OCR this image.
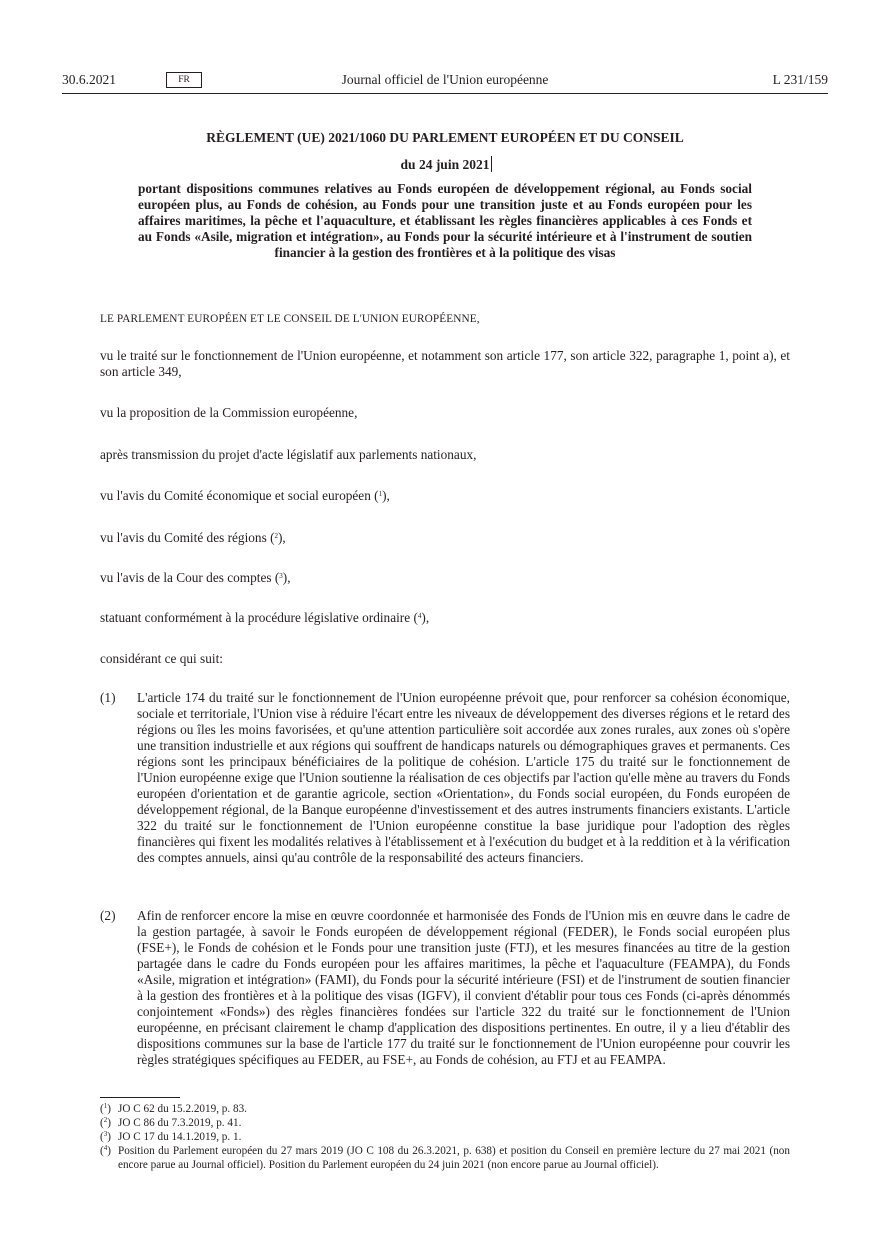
30.6.2021	FR	Journal officiel de l'Union européenne	L 231/159
RÈGLEMENT (UE) 2021/1060 DU PARLEMENT EUROPÉEN ET DU CONSEIL
du 24 juin 2021
portant dispositions communes relatives au Fonds européen de développement régional, au Fonds social européen plus, au Fonds de cohésion, au Fonds pour une transition juste et au Fonds européen pour les affaires maritimes, la pêche et l'aquaculture, et établissant les règles financières applicables à ces Fonds et au Fonds «Asile, migration et intégration», au Fonds pour la sécurité intérieure et à l'instrument de soutien financier à la gestion des frontières et à la politique des visas
LE PARLEMENT EUROPÉEN ET LE CONSEIL DE L'UNION EUROPÉENNE,
vu le traité sur le fonctionnement de l'Union européenne, et notamment son article 177, son article 322, paragraphe 1, point a), et son article 349,
vu la proposition de la Commission européenne,
après transmission du projet d'acte législatif aux parlements nationaux,
vu l'avis du Comité économique et social européen ($^1$),
vu l'avis du Comité des régions ($^2$),
vu l'avis de la Cour des comptes ($^3$),
statuant conformément à la procédure législative ordinaire ($^4$),
considérant ce qui suit:
(1) L'article 174 du traité sur le fonctionnement de l'Union européenne prévoit que, pour renforcer sa cohésion économique, sociale et territoriale, l'Union vise à réduire l'écart entre les niveaux de développement des diverses régions et le retard des régions ou îles les moins favorisées, et qu'une attention particulière soit accordée aux zones rurales, aux zones où s'opère une transition industrielle et aux régions qui souffrent de handicaps naturels ou démographiques graves et permanents. Ces régions sont les principaux bénéficiaires de la politique de cohésion. L'article 175 du traité sur le fonctionnement de l'Union européenne exige que l'Union soutienne la réalisation de ces objectifs par l'action qu'elle mène au travers du Fonds européen d'orientation et de garantie agricole, section «Orientation», du Fonds social européen, du Fonds européen de développement régional, de la Banque européenne d'investissement et des autres instruments financiers existants. L'article 322 du traité sur le fonctionnement de l'Union européenne constitue la base juridique pour l'adoption des règles financières qui fixent les modalités relatives à l'établissement et à l'exécution du budget et à la reddition et à la vérification des comptes annuels, ainsi qu'au contrôle de la responsabilité des acteurs financiers.
(2) Afin de renforcer encore la mise en œuvre coordonnée et harmonisée des Fonds de l'Union mis en œuvre dans le cadre de la gestion partagée, à savoir le Fonds européen de développement régional (FEDER), le Fonds social européen plus (FSE+), le Fonds de cohésion et le Fonds pour une transition juste (FTJ), et les mesures financées au titre de la gestion partagée dans le cadre du Fonds européen pour les affaires maritimes, la pêche et l'aquaculture (FEAMPA), du Fonds «Asile, migration et intégration» (FAMI), du Fonds pour la sécurité intérieure (FSI) et de l'instrument de soutien financier à la gestion des frontières et à la politique des visas (IGFV), il convient d'établir pour tous ces Fonds (ci-après dénommés conjointement «Fonds») des règles financières fondées sur l'article 322 du traité sur le fonctionnement de l'Union européenne, en précisant clairement le champ d'application des dispositions pertinentes. En outre, il y a lieu d'établir des dispositions communes sur la base de l'article 177 du traité sur le fonctionnement de l'Union européenne pour couvrir les règles stratégiques spécifiques au FEDER, au FSE+, au Fonds de cohésion, au FTJ et au FEAMPA.
($^1$) JO C 62 du 15.2.2019, p. 83.
($^2$) JO C 86 du 7.3.2019, p. 41.
($^3$) JO C 17 du 14.1.2019, p. 1.
($^4$) Position du Parlement européen du 27 mars 2019 (JO C 108 du 26.3.2021, p. 638) et position du Conseil en première lecture du 27 mai 2021 (non encore parue au Journal officiel). Position du Parlement européen du 24 juin 2021 (non encore parue au Journal officiel).
